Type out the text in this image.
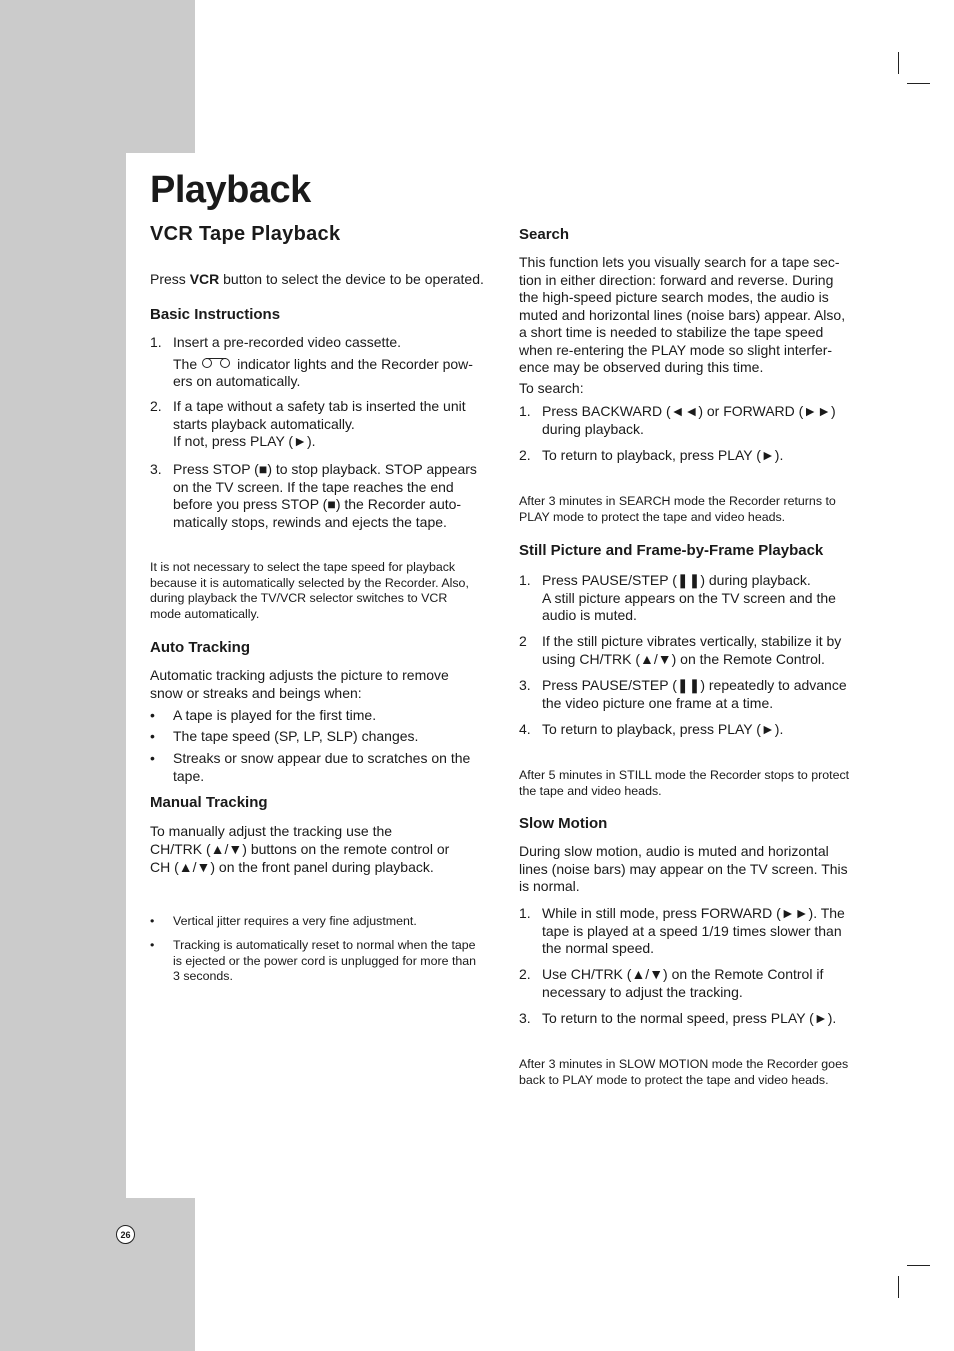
26
Playback
VCR Tape Playback

Press VCR button to select the device to be operated.

Basic Instructions
1. Insert a pre-recorded video cassette.
The	indicator lights and the Recorder pow-
ers on automatically.
2. If a tape without a safety tab is inserted the unit
starts playback automatically.
If not, press PLAY (►).
3. Press STOP (■) to stop playback. STOP appears
on the TV screen. If the tape reaches the end
before you press STOP (■) the Recorder auto-
matically stops, rewinds and ejects the tape.
It is not necessary to select the tape speed for playback
because it is automatically selected by the Recorder. Also,
during playback the TV/VCR selector switches to VCR
mode automatically.
Auto Tracking
Automatic tracking adjusts the picture to remove
snow or streaks and beings when:
• A tape is played for the first time.
• The tape speed (SP, LP, SLP) changes.
• Streaks or snow appear due to scratches on the
tape.
Manual Tracking
To manually adjust the tracking use the
CH/TRK (▲/▼) buttons on the remote control or
CH (▲/▼) on the front panel during playback.
• Vertical jitter requires a very fine adjustment.
• Tracking is automatically reset to normal when the tape
is ejected or the power cord is unplugged for more than
3 seconds.
Search
This function lets you visually search for a tape sec-
tion in either direction: forward and reverse. During
the high-speed picture search modes, the audio is
muted and horizontal lines (noise bars) appear. Also,
a short time is needed to stabilize the tape speed
when re-entering the PLAY mode so slight interfer-
ence may be observed during this time.

To search:

1. Press BACKWARD (◄◄) or FORWARD (►►)
during playback.
2. To return to playback, press PLAY (►).
After 3 minutes in SEARCH mode the Recorder returns to
PLAY mode to protect the tape and video heads.
Still Picture and Frame-by-Frame Playback
1. Press PAUSE/STEP (❚❚) during playback.
A still picture appears on the TV screen and the
audio is muted.
2 If the still picture vibrates vertically, stabilize it by
using CH/TRK (▲/▼) on the Remote Control.
3. Press PAUSE/STEP (❚❚) repeatedly to advance
the video picture one frame at a time.
4. To return to playback, press PLAY (►).
After 5 minutes in STILL mode the Recorder stops to protect
the tape and video heads.
Slow Motion
During slow motion, audio is muted and horizontal
lines (noise bars) may appear on the TV screen. This
is normal.
1. While in still mode, press FORWARD (►►). The
tape is played at a speed 1/19 times slower than
the normal speed.
2. Use CH/TRK (▲/▼) on the Remote Control if
necessary to adjust the tracking.
3. To return to the normal speed, press PLAY (►).
After 3 minutes in SLOW MOTION mode the Recorder goes
back to PLAY mode to protect the tape and video heads.
